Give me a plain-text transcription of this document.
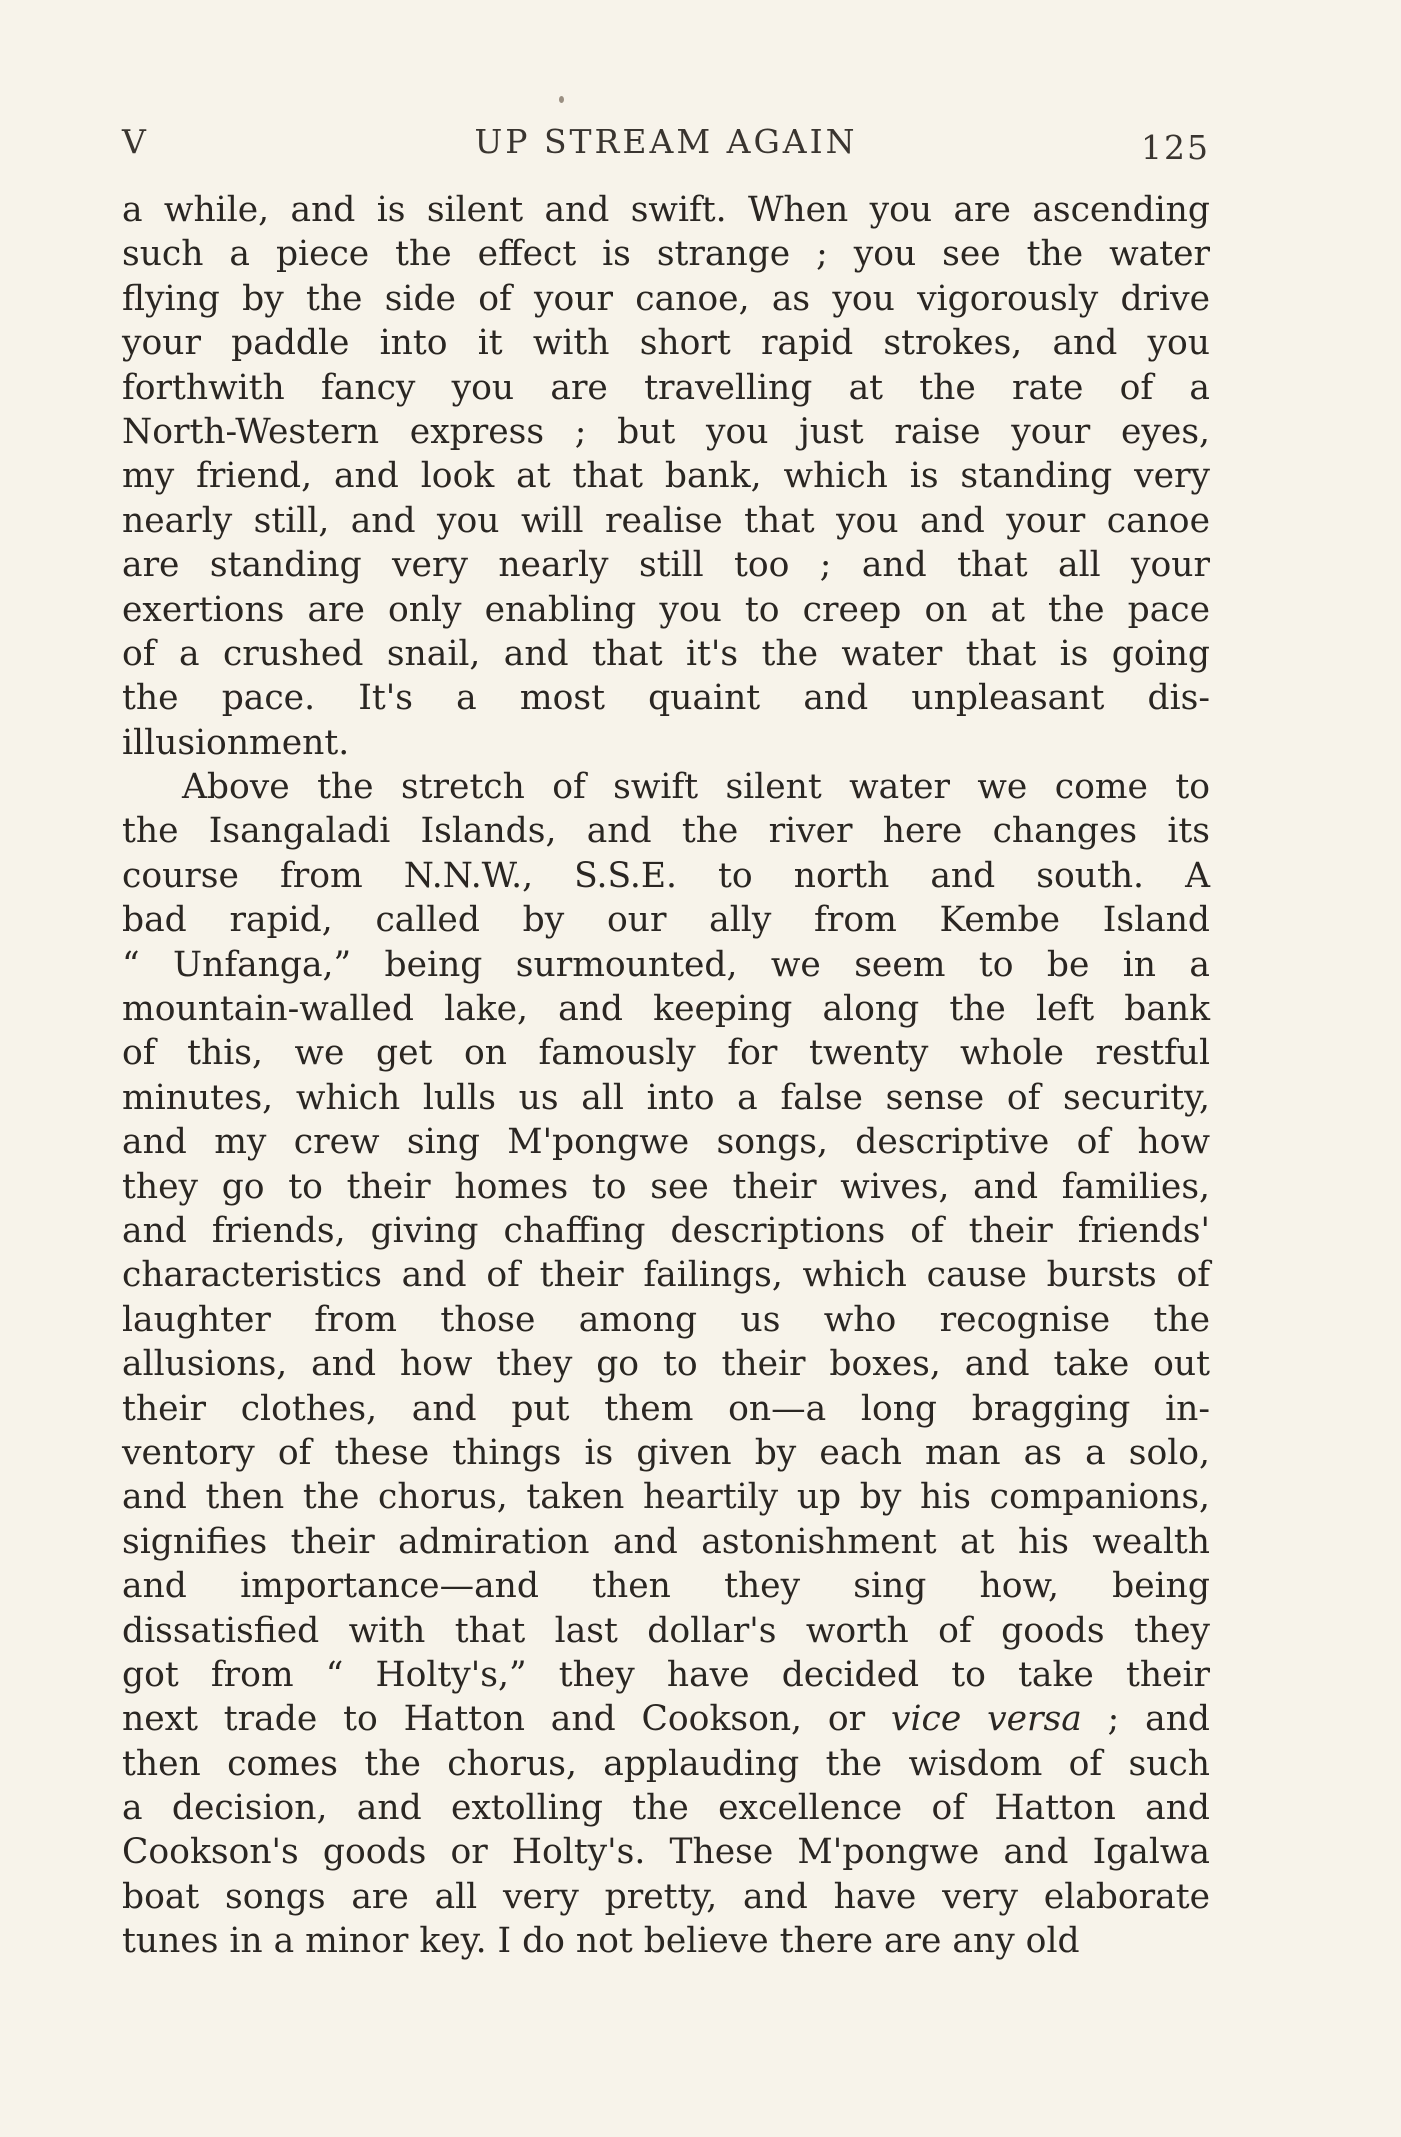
V	UP STREAM AGAIN	125
a while, and is silent and swift. When you are ascending
such a piece the effect is strange ; you see the water
flying by the side of your canoe, as you vigorously drive
your paddle into it with short rapid strokes, and you
forthwith fancy you are travelling at the rate of a
North-Western express ; but you just raise your eyes,
my friend, and look at that bank, which is standing very
nearly still, and you will realise that you and your canoe
are standing very nearly still too ; and that all your
exertions are only enabling you to creep on at the pace
of a crushed snail, and that it's the water that is going
the pace. It's a most quaint and unpleasant dis-
illusionment.
Above the stretch of swift silent water we come to
the Isangaladi Islands, and the river here changes its
course from N.N.W., S.S.E. to north and south. A
bad rapid, called by our ally from Kembe Island
“ Unfanga,” being surmounted, we seem to be in a
mountain-walled lake, and keeping along the left bank
of this, we get on famously for twenty whole restful
minutes, which lulls us all into a false sense of security,
and my crew sing M'pongwe songs, descriptive of how
they go to their homes to see their wives, and families,
and friends, giving chaffing descriptions of their friends'
characteristics and of their failings, which cause bursts of
laughter from those among us who recognise the
allusions, and how they go to their boxes, and take out
their clothes, and put them on—a long bragging in-
ventory of these things is given by each man as a solo,
and then the chorus, taken heartily up by his companions,
signifies their admiration and astonishment at his wealth
and importance—and then they sing how, being
dissatisfied with that last dollar's worth of goods they
got from “ Holty's,” they have decided to take their
next trade to Hatton and Cookson, or vice versa ; and
then comes the chorus, applauding the wisdom of such
a decision, and extolling the excellence of Hatton and
Cookson's goods or Holty's. These M'pongwe and Igalwa
boat songs are all very pretty, and have very elaborate
tunes in a minor key. I do not believe there are any old
